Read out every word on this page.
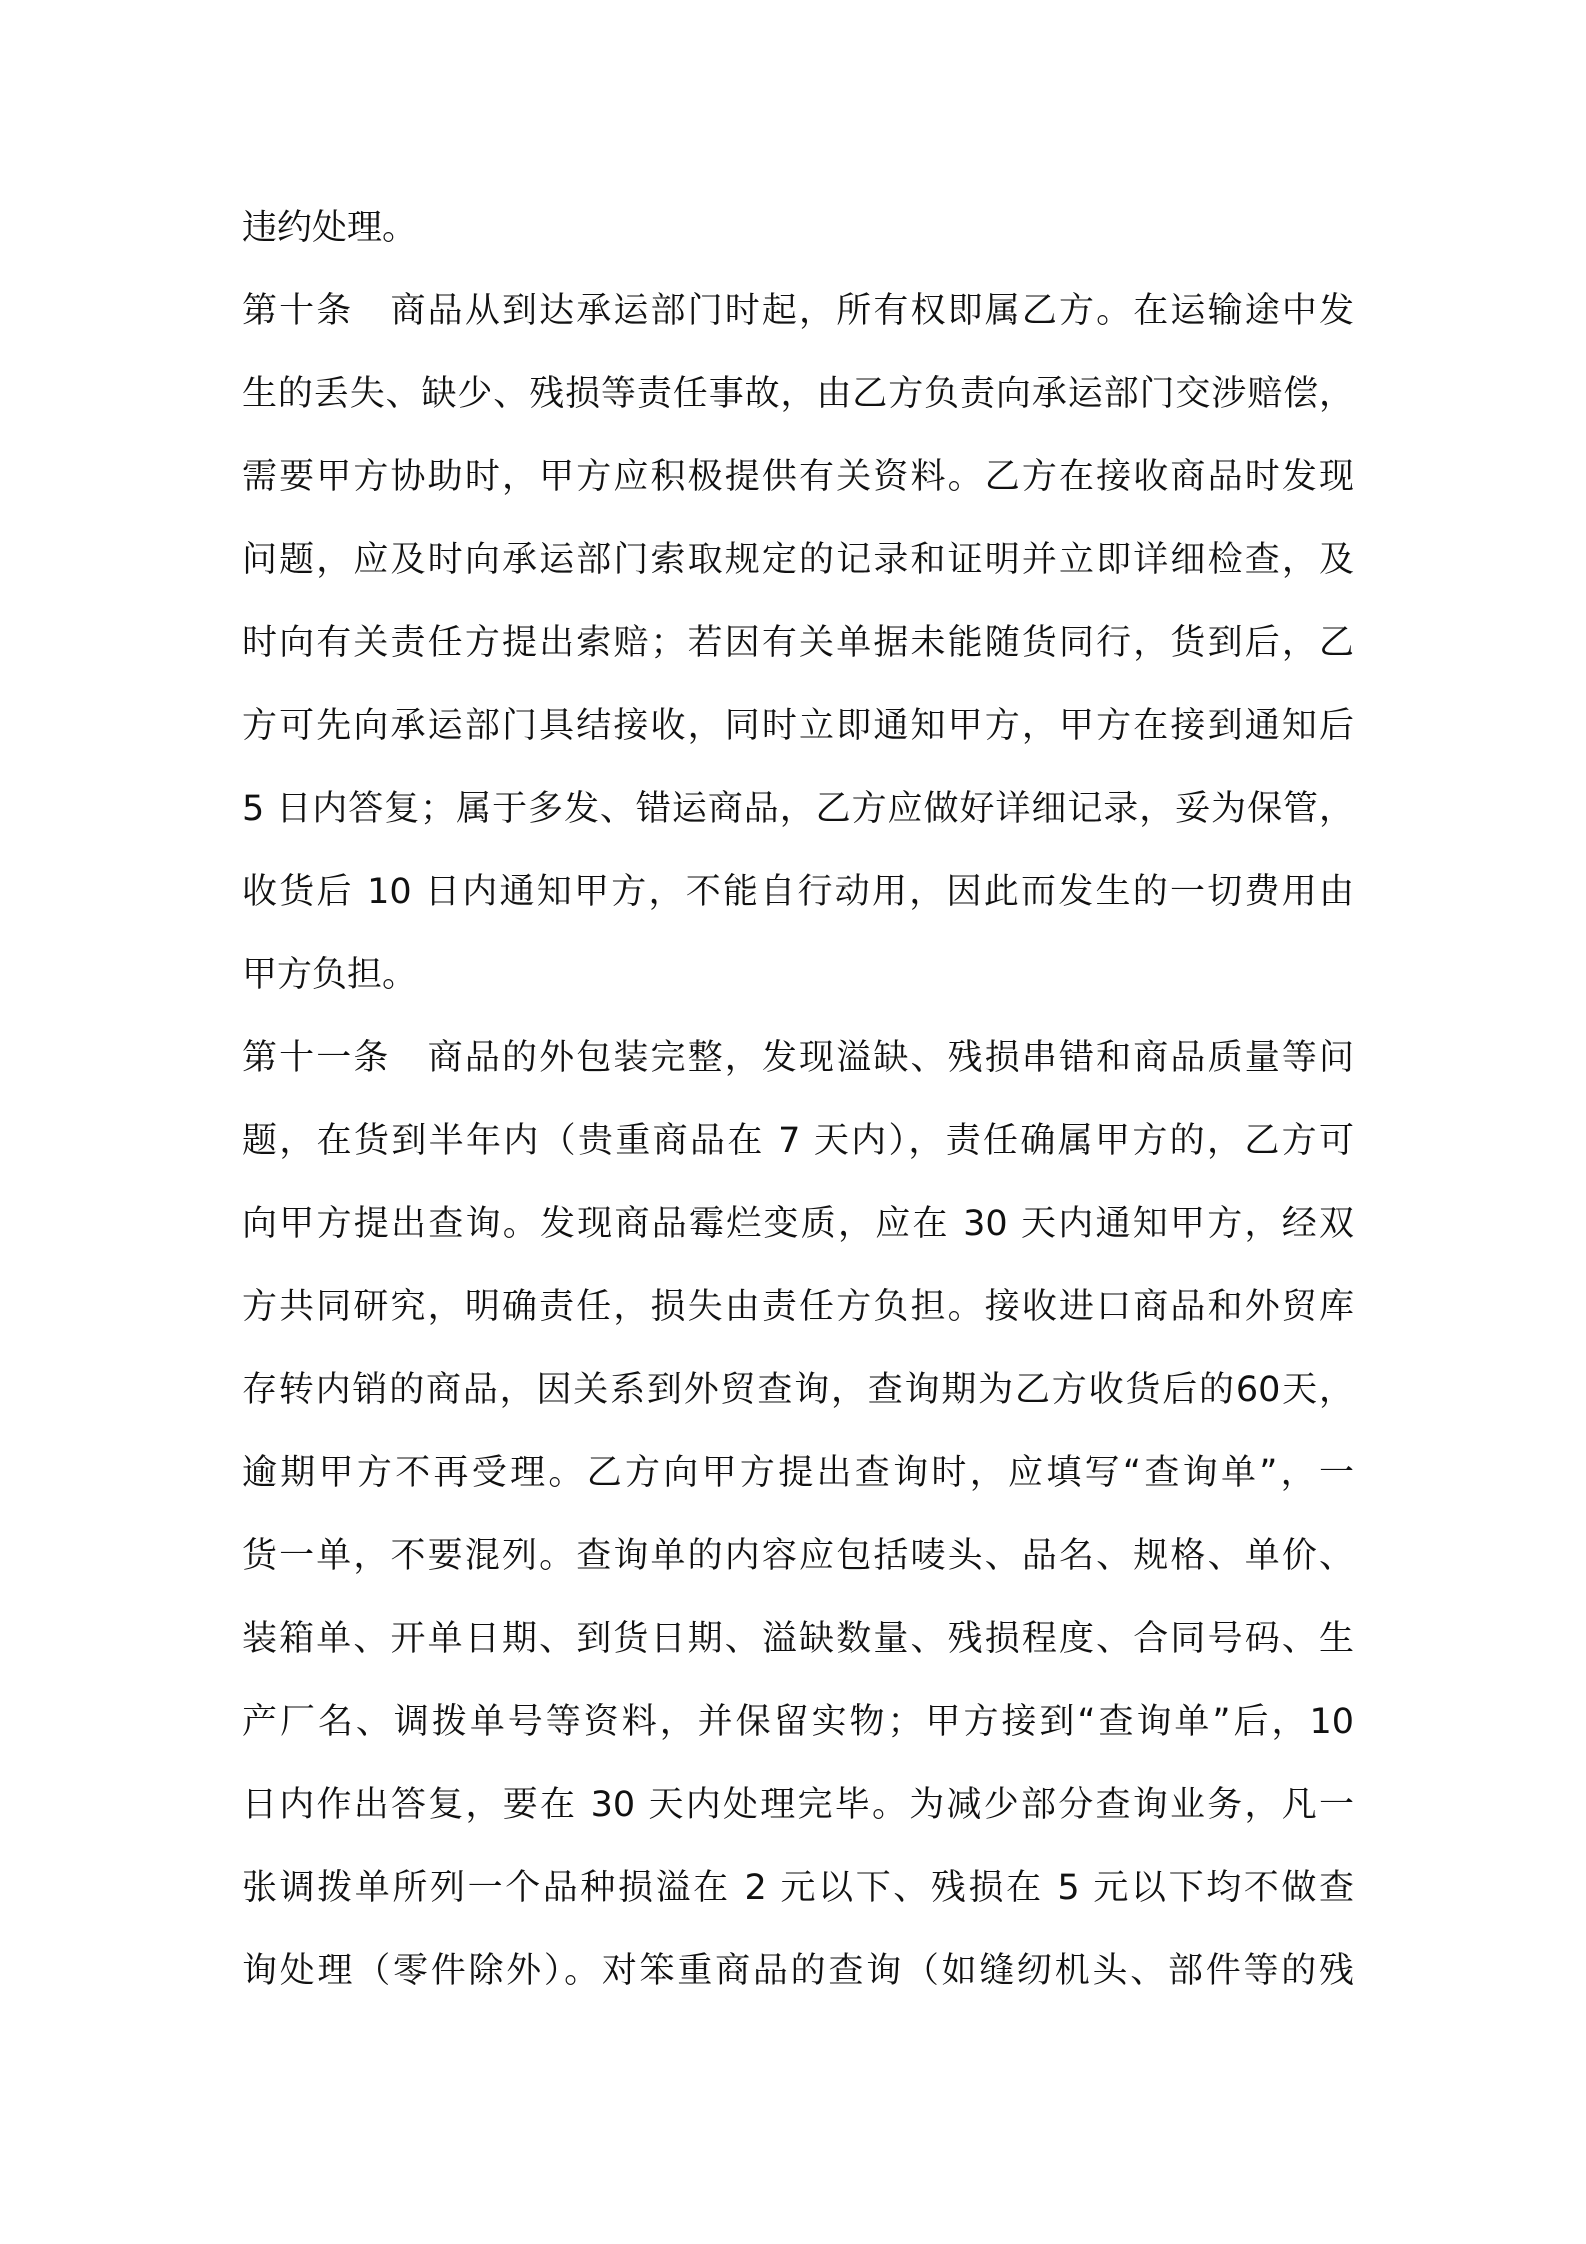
违约处理。
第十条　商品从到达承运部门时起，所有权即属乙方。在运输途中发
生的丢失、缺少、残损等责任事故，由乙方负责向承运部门交涉赔偿，
需要甲方协助时，甲方应积极提供有关资料。乙方在接收商品时发现
问题，应及时向承运部门索取规定的记录和证明并立即详细检查，及
时向有关责任方提出索赔；若因有关单据未能随货同行，货到后，乙
方可先向承运部门具结接收，同时立即通知甲方，甲方在接到通知后
5 日内答复；属于多发、错运商品，乙方应做好详细记录，妥为保管，
收货后 10 日内通知甲方，不能自行动用，因此而发生的一切费用由
甲方负担。
第十一条　商品的外包装完整，发现溢缺、残损串错和商品质量等问
题，在货到半年内（贵重商品在 7 天内），责任确属甲方的，乙方可
向甲方提出查询。发现商品霉烂变质，应在 30 天内通知甲方，经双
方共同研究，明确责任，损失由责任方负担。接收进口商品和外贸库
存转内销的商品，因关系到外贸查询，查询期为乙方收货后的60天，
逾期甲方不再受理。乙方向甲方提出查询时，应填写“查询单”，一
货一单，不要混列。查询单的内容应包括唛头、品名、规格、单价、
装箱单、开单日期、到货日期、溢缺数量、残损程度、合同号码、生
产厂名、调拨单号等资料，并保留实物；甲方接到“查询单”后，10
日内作出答复，要在 30 天内处理完毕。为减少部分查询业务，凡一
张调拨单所列一个品种损溢在 2 元以下、残损在 5 元以下均不做查
询处理（零件除外）。对笨重商品的查询（如缝纫机头、部件等的残
